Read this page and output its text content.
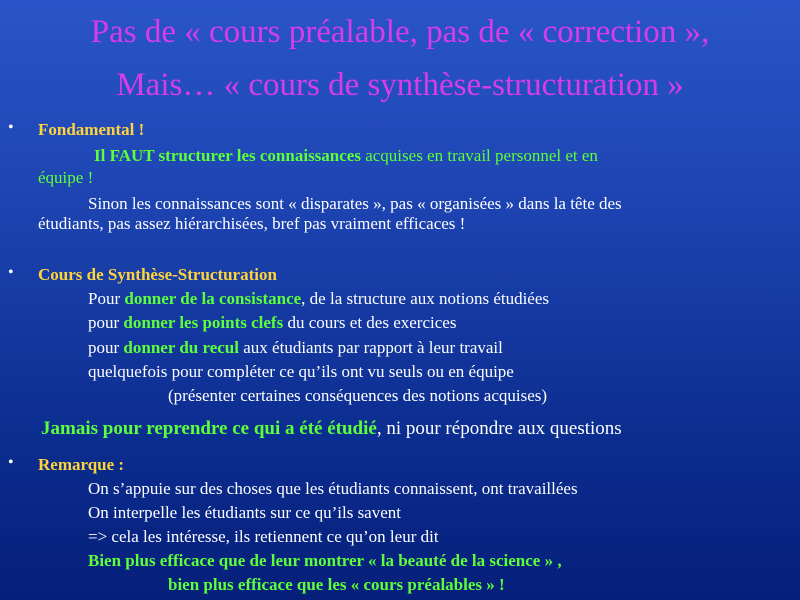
Pas de « cours préalable, pas de « correction »,
Mais… « cours de synthèse-structuration »
• Fondamental !
Il FAUT structurer les connaissances acquises en travail personnel et en
équipe !
Sinon les connaissances sont « disparates », pas « organisées » dans la tête des
étudiants, pas assez hiérarchisées, bref pas vraiment efficaces !
• Cours de Synthèse-Structuration
Pour donner de la consistance, de la structure aux notions étudiées
pour donner les points clefs du cours et des exercices
pour donner du recul aux étudiants par rapport à leur travail
quelquefois pour compléter ce qu’ils ont vu seuls ou en équipe
(présenter certaines conséquences des notions acquises)
Jamais pour reprendre ce qui a été étudié, ni pour répondre aux questions
• Remarque :
On s’appuie sur des choses que les étudiants connaissent, ont travaillées
On interpelle les étudiants sur ce qu’ils savent
=> cela les intéresse, ils retiennent ce qu’on leur dit
Bien plus efficace que de leur montrer « la beauté de la science » ,
bien plus efficace que les « cours préalables » !
